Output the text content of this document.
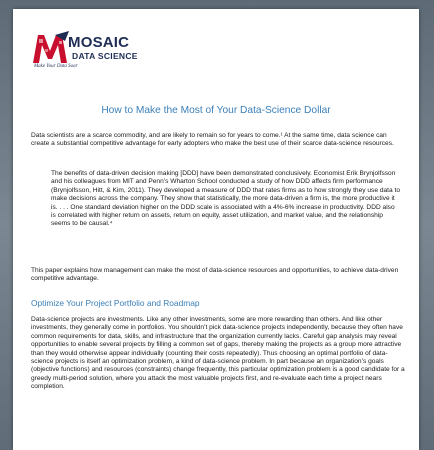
MOSAIC
DATA SCIENCE
Make Your Data Soar
How to Make the Most of Your Data-Science Dollar

Data scientists are a scarce commodity, and are likely to remain so for years to come.¹ At the same time, data science can create a substantial competitive advantage for early adopters who make the best use of their scarce data-science resources.

The benefits of data-driven decision making [DDD] have been demonstrated conclusively. Economist Erik Brynjolfsson and his colleagues from MIT and Penn’s Wharton School conducted a study of how DDD affects firm performance (Brynjolfsson, Hitt, & Kim, 2011). They developed a measure of DDD that rates firms as to how strongly they use data to make decisions across the company. They show that statistically, the more data-driven a firm is, the more productive it is. . . . One standard deviation higher on the DDD scale is associated with a 4%-6% increase in productivity. DDD also is correlated with higher return on assets, return on equity, asset utilization, and market value, and the relationship seems to be causal.⁴

This paper explains how management can make the most of data-science resources and opportunities, to achieve data-driven competitive advantage.

Optimize Your Project Portfolio and Roadmap

Data-science projects are investments. Like any other investments, some are more rewarding than others. And like other investments, they generally come in portfolios. You shouldn’t pick data-science projects independently, because they often have common requirements for data, skills, and infrastructure that the organization currently lacks. Careful gap analysis may reveal opportunities to enable several projects by filling a common set of gaps, thereby making the projects as a group more attractive than they would otherwise appear individually (counting their costs repeatedly). Thus choosing an optimal portfolio of data-science projects is itself an optimization problem, a kind of data-science problem. In part because an organization’s goals (objective functions) and resources (constraints) change frequently, this particular optimization problem is a good candidate for a greedy multi-period solution, where you attack the most valuable projects first, and re-evaluate each time a project nears completion.
